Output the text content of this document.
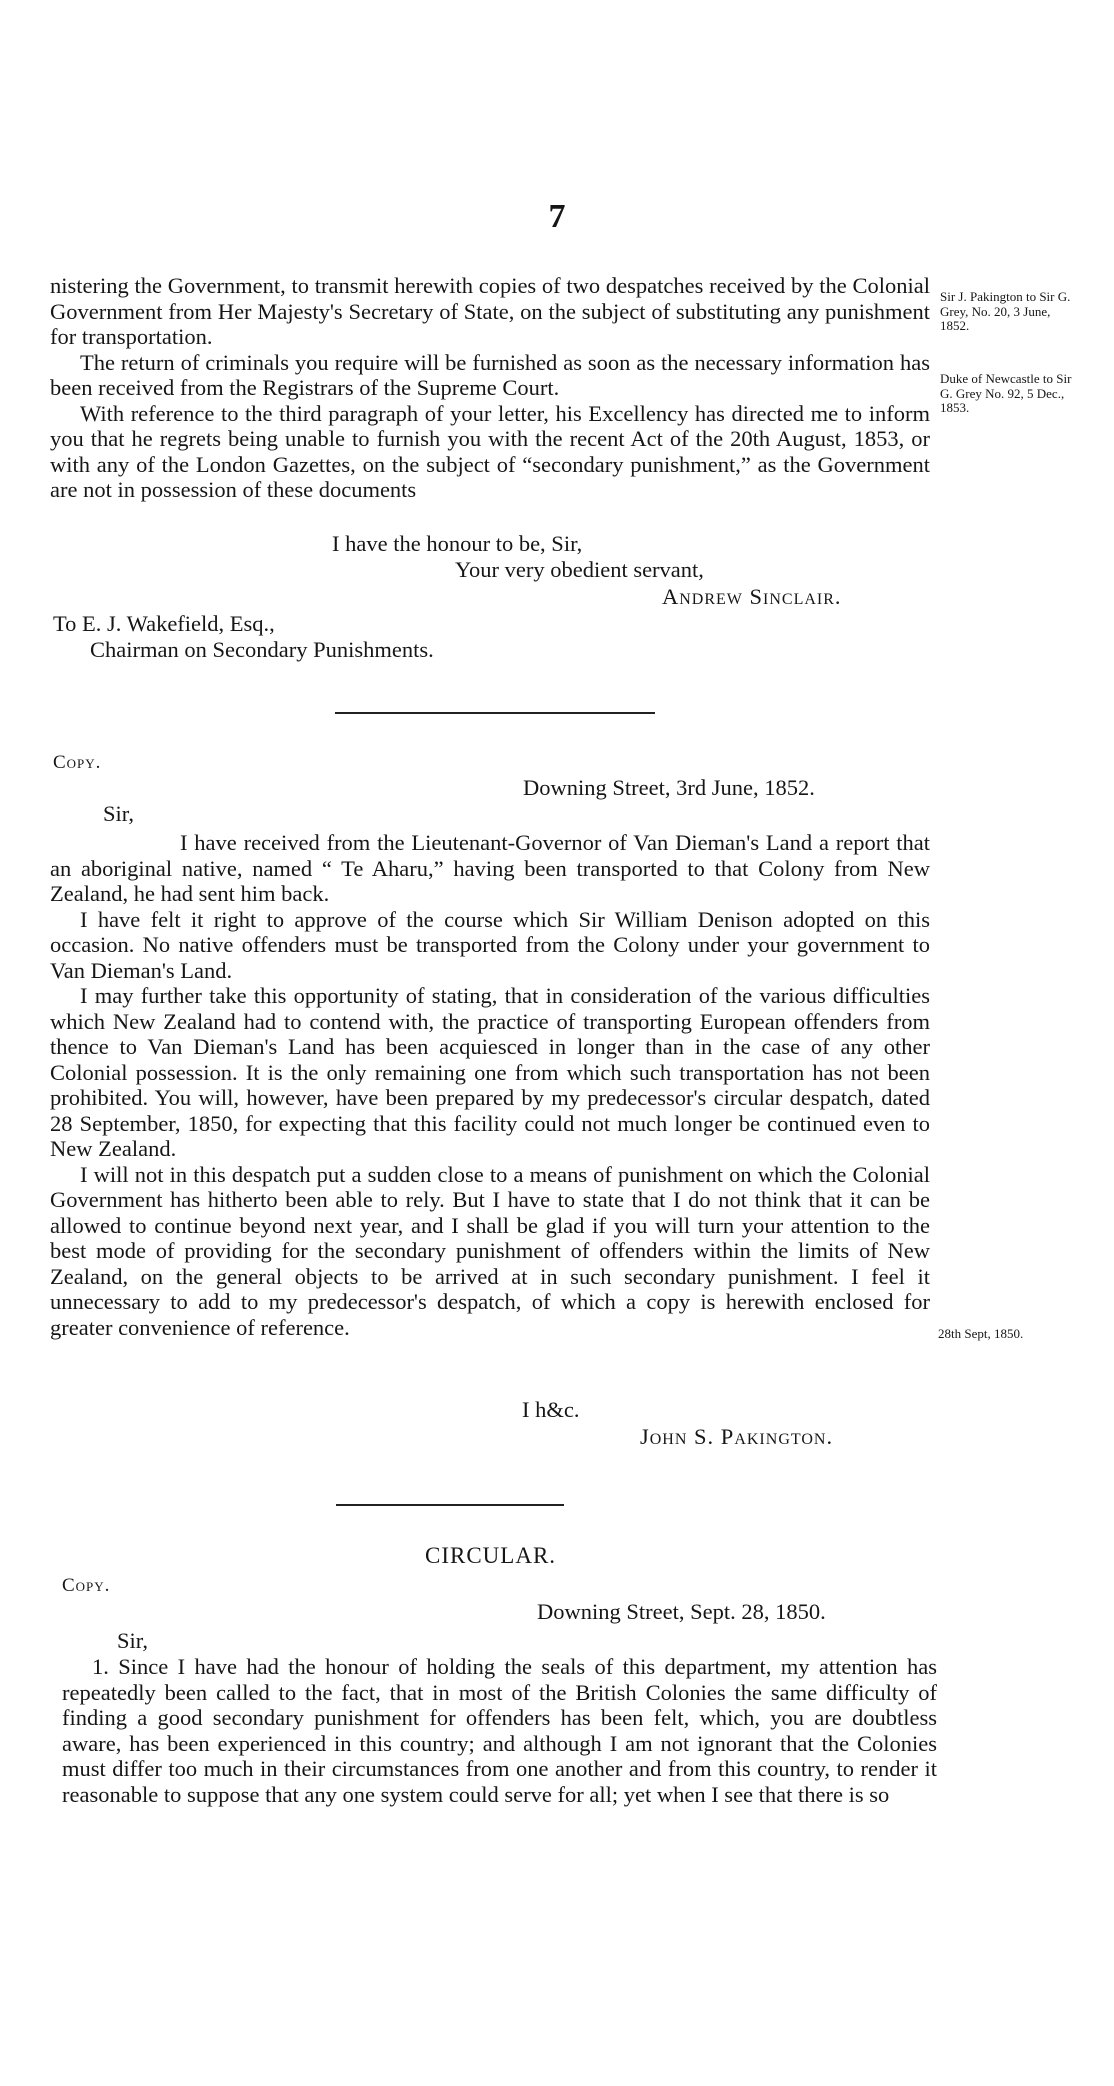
7

nistering the Government, to transmit herewith copies of two despatches received by the Colonial Government from Her Majesty's Secretary of State, on the subject of substituting any punishment for transportation.

The return of criminals you require will be furnished as soon as the necessary information has been received from the Registrars of the Supreme Court.

With reference to the third paragraph of your letter, his Excellency has directed me to inform you that he regrets being unable to furnish you with the recent Act of the 20th August, 1853, or with any of the London Gazettes, on the subject of “secondary punishment,” as the Government are not in possession of these documents

Sir J. Pakington to Sir G. Grey, No. 20, 3 June, 1852.
Duke of Newcastle to Sir G. Grey No. 92, 5 Dec., 1853.
I have the honour to be, Sir,
Your very obedient servant,
Andrew Sinclair.
To E. J. Wakefield, Esq.,
Chairman on Secondary Punishments.
Copy.
Downing Street, 3rd June, 1852.
Sir,

I have received from the Lieutenant-Governor of Van Dieman's Land a report that an aboriginal native, named “ Te Aharu,” having been transported to that Colony from New Zealand, he had sent him back.

I have felt it right to approve of the course which Sir William Denison adopted on this occasion. No native offenders must be transported from the Colony under your government to Van Dieman's Land.

I may further take this opportunity of stating, that in consideration of the various difficulties which New Zealand had to contend with, the practice of transporting European offenders from thence to Van Dieman's Land has been acquiesced in longer than in the case of any other Colonial possession. It is the only remaining one from which such transportation has not been prohibited. You will, however, have been prepared by my predecessor's circular despatch, dated 28 September, 1850, for expecting that this facility could not much longer be continued even to New Zealand.

I will not in this despatch put a sudden close to a means of punishment on which the Colonial Government has hitherto been able to rely. But I have to state that I do not think that it can be allowed to continue beyond next year, and I shall be glad if you will turn your attention to the best mode of providing for the secondary punishment of offenders within the limits of New Zealand, on the general objects to be arrived at in such secondary punishment. I feel it unnecessary to add to my predecessor's despatch, of which a copy is herewith enclosed for greater convenience of reference.	28th Sept, 1850.
I h&c.
John S. Pakington.
CIRCULAR.
Copy.
Downing Street, Sept. 28, 1850.
Sir,

1. Since I have had the honour of holding the seals of this department, my attention has repeatedly been called to the fact, that in most of the British Colonies the same difficulty of finding a good secondary punishment for offenders has been felt, which, you are doubtless aware, has been experienced in this country; and although I am not ignorant that the Colonies must differ too much in their circumstances from one another and from this country, to render it reasonable to suppose that any one system could serve for all; yet when I see that there is so
